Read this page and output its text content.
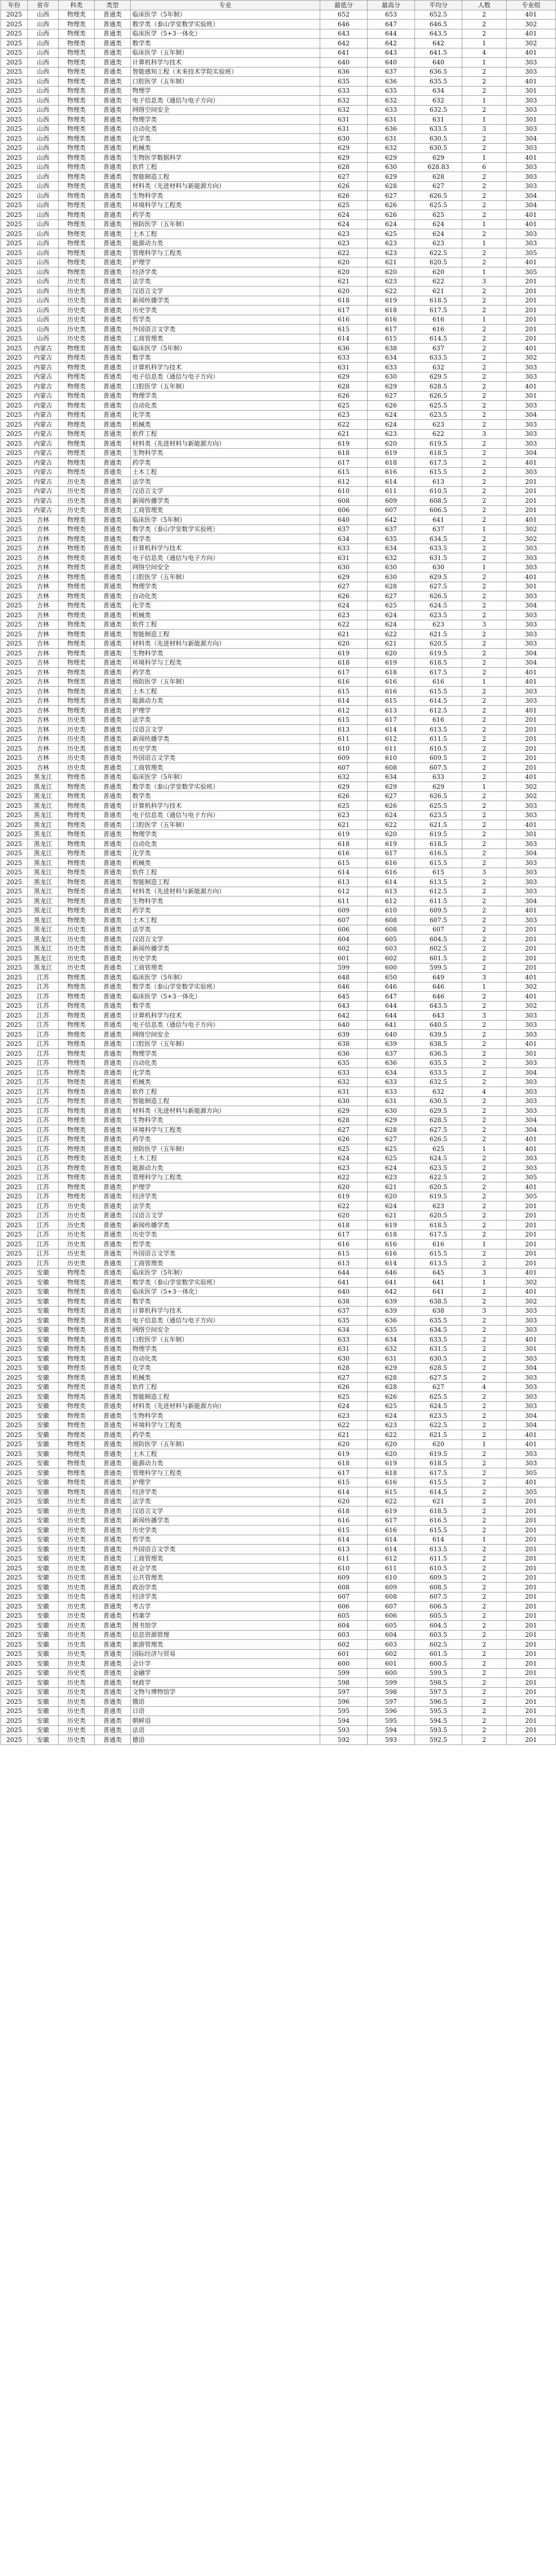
年份	省市	科类	类型	专业	最低分	最高分	平均分	人数	专业组
2025	山西	物理类	普通类	临床医学（5年制）	652	653	652.5	2	401
2025	山西	物理类	普通类	数学类（泰山学堂数学实验班）	646	647	646.5	2	302
2025	山西	物理类	普通类	临床医学（5+3一体化）	643	644	643.5	2	401
2025	山西	物理类	普通类	数学类	642	642	642	1	302
2025	山西	物理类	普通类	临床医学（五年制）	641	643	641.5	4	401
2025	山西	物理类	普通类	计算机科学与技术	640	640	640	1	303
2025	山西	物理类	普通类	智能感知工程（未来技术学院实验班）	636	637	636.5	2	303
2025	山西	物理类	普通类	口腔医学（五年制）	635	636	635.5	2	401
2025	山西	物理类	普通类	物理学	633	635	634	2	301
2025	山西	物理类	普通类	电子信息类（通信与电子方向）	632	632	632	1	303
2025	山西	物理类	普通类	网络空间安全	632	633	632.5	2	303
2025	山西	物理类	普通类	物理学类	631	631	631	1	301
2025	山西	物理类	普通类	自动化类	631	636	633.5	3	303
2025	山西	物理类	普通类	化学类	630	631	630.5	2	304
2025	山西	物理类	普通类	机械类	629	632	630.5	2	303
2025	山西	物理类	普通类	生物医学数据科学	629	629	629	1	401
2025	山西	物理类	普通类	软件工程	628	630	628.83	6	303
2025	山西	物理类	普通类	智能制造工程	627	629	628	2	303
2025	山西	物理类	普通类	材料类（先进材料与新能源方向）	626	628	627	2	303
2025	山西	物理类	普通类	生物科学类	626	627	626.5	2	304
2025	山西	物理类	普通类	环境科学与工程类	625	626	625.5	2	304
2025	山西	物理类	普通类	药学类	624	626	625	2	401
2025	山西	物理类	普通类	预防医学（五年制）	624	624	624	1	401
2025	山西	物理类	普通类	土木工程	623	625	624	2	303
2025	山西	物理类	普通类	能源动力类	623	623	623	1	303
2025	山西	物理类	普通类	管理科学与工程类	622	623	622.5	2	305
2025	山西	物理类	普通类	护理学	620	621	620.5	2	401
2025	山西	物理类	普通类	经济学类	620	620	620	1	305
2025	山西	历史类	普通类	法学类	621	623	622	3	201
2025	山西	历史类	普通类	汉语言文学	620	622	621	2	201
2025	山西	历史类	普通类	新闻传播学类	618	619	618.5	2	201
2025	山西	历史类	普通类	历史学类	617	618	617.5	2	201
2025	山西	历史类	普通类	哲学类	616	616	616	1	201
2025	山西	历史类	普通类	外国语言文学类	615	617	616	2	201
2025	山西	历史类	普通类	工商管理类	614	615	614.5	2	201
2025	内蒙古	物理类	普通类	临床医学（5年制）	636	638	637	2	401
2025	内蒙古	物理类	普通类	数学类	633	634	633.5	2	302
2025	内蒙古	物理类	普通类	计算机科学与技术	631	633	632	2	303
2025	内蒙古	物理类	普通类	电子信息类（通信与电子方向）	629	630	629.5	2	303
2025	内蒙古	物理类	普通类	口腔医学（五年制）	628	629	628.5	2	401
2025	内蒙古	物理类	普通类	物理学类	626	627	626.5	2	301
2025	内蒙古	物理类	普通类	自动化类	625	626	625.5	2	303
2025	内蒙古	物理类	普通类	化学类	623	624	623.5	2	304
2025	内蒙古	物理类	普通类	机械类	622	624	623	2	303
2025	内蒙古	物理类	普通类	软件工程	621	623	622	3	303
2025	内蒙古	物理类	普通类	材料类（先进材料与新能源方向）	619	620	619.5	2	303
2025	内蒙古	物理类	普通类	生物科学类	618	619	618.5	2	304
2025	内蒙古	物理类	普通类	药学类	617	618	617.5	2	401
2025	内蒙古	物理类	普通类	土木工程	615	616	615.5	2	303
2025	内蒙古	历史类	普通类	法学类	612	614	613	2	201
2025	内蒙古	历史类	普通类	汉语言文学	610	611	610.5	2	201
2025	内蒙古	历史类	普通类	新闻传播学类	608	609	608.5	2	201
2025	内蒙古	历史类	普通类	工商管理类	606	607	606.5	2	201
2025	吉林	物理类	普通类	临床医学（5年制）	640	642	641	2	401
2025	吉林	物理类	普通类	数学类（泰山学堂数学实验班）	637	637	637	1	302
2025	吉林	物理类	普通类	数学类	634	635	634.5	2	302
2025	吉林	物理类	普通类	计算机科学与技术	633	634	633.5	2	303
2025	吉林	物理类	普通类	电子信息类（通信与电子方向）	631	632	631.5	2	303
2025	吉林	物理类	普通类	网络空间安全	630	630	630	1	303
2025	吉林	物理类	普通类	口腔医学（五年制）	629	630	629.5	2	401
2025	吉林	物理类	普通类	物理学类	627	628	627.5	2	301
2025	吉林	物理类	普通类	自动化类	626	627	626.5	2	303
2025	吉林	物理类	普通类	化学类	624	625	624.5	2	304
2025	吉林	物理类	普通类	机械类	623	624	623.5	2	303
2025	吉林	物理类	普通类	软件工程	622	624	623	3	303
2025	吉林	物理类	普通类	智能制造工程	621	622	621.5	2	303
2025	吉林	物理类	普通类	材料类（先进材料与新能源方向）	620	621	620.5	2	303
2025	吉林	物理类	普通类	生物科学类	619	620	619.5	2	304
2025	吉林	物理类	普通类	环境科学与工程类	618	619	618.5	2	304
2025	吉林	物理类	普通类	药学类	617	618	617.5	2	401
2025	吉林	物理类	普通类	预防医学（五年制）	616	616	616	1	401
2025	吉林	物理类	普通类	土木工程	615	616	615.5	2	303
2025	吉林	物理类	普通类	能源动力类	614	615	614.5	2	303
2025	吉林	物理类	普通类	护理学	612	613	612.5	2	401
2025	吉林	历史类	普通类	法学类	615	617	616	2	201
2025	吉林	历史类	普通类	汉语言文学	613	614	613.5	2	201
2025	吉林	历史类	普通类	新闻传播学类	611	612	611.5	2	201
2025	吉林	历史类	普通类	历史学类	610	611	610.5	2	201
2025	吉林	历史类	普通类	外国语言文学类	609	610	609.5	2	201
2025	吉林	历史类	普通类	工商管理类	607	608	607.5	2	201
2025	黑龙江	物理类	普通类	临床医学（5年制）	632	634	633	2	401
2025	黑龙江	物理类	普通类	数学类（泰山学堂数学实验班）	629	629	629	1	302
2025	黑龙江	物理类	普通类	数学类	626	627	626.5	2	302
2025	黑龙江	物理类	普通类	计算机科学与技术	625	626	625.5	2	303
2025	黑龙江	物理类	普通类	电子信息类（通信与电子方向）	623	624	623.5	2	303
2025	黑龙江	物理类	普通类	口腔医学（五年制）	621	622	621.5	2	401
2025	黑龙江	物理类	普通类	物理学类	619	620	619.5	2	301
2025	黑龙江	物理类	普通类	自动化类	618	619	618.5	2	303
2025	黑龙江	物理类	普通类	化学类	616	617	616.5	2	304
2025	黑龙江	物理类	普通类	机械类	615	616	615.5	2	303
2025	黑龙江	物理类	普通类	软件工程	614	616	615	3	303
2025	黑龙江	物理类	普通类	智能制造工程	613	614	613.5	2	303
2025	黑龙江	物理类	普通类	材料类（先进材料与新能源方向）	612	613	612.5	2	303
2025	黑龙江	物理类	普通类	生物科学类	611	612	611.5	2	304
2025	黑龙江	物理类	普通类	药学类	609	610	609.5	2	401
2025	黑龙江	物理类	普通类	土木工程	607	608	607.5	2	303
2025	黑龙江	历史类	普通类	法学类	606	608	607	2	201
2025	黑龙江	历史类	普通类	汉语言文学	604	605	604.5	2	201
2025	黑龙江	历史类	普通类	新闻传播学类	602	603	602.5	2	201
2025	黑龙江	历史类	普通类	历史学类	601	602	601.5	2	201
2025	黑龙江	历史类	普通类	工商管理类	599	600	599.5	2	201
2025	江苏	物理类	普通类	临床医学（5年制）	648	650	649	3	401
2025	江苏	物理类	普通类	数学类（泰山学堂数学实验班）	646	646	646	1	302
2025	江苏	物理类	普通类	临床医学（5+3一体化）	645	647	646	2	401
2025	江苏	物理类	普通类	数学类	643	644	643.5	2	302
2025	江苏	物理类	普通类	计算机科学与技术	642	644	643	3	303
2025	江苏	物理类	普通类	电子信息类（通信与电子方向）	640	641	640.5	2	303
2025	江苏	物理类	普通类	网络空间安全	639	640	639.5	2	303
2025	江苏	物理类	普通类	口腔医学（五年制）	638	639	638.5	2	401
2025	江苏	物理类	普通类	物理学类	636	637	636.5	2	301
2025	江苏	物理类	普通类	自动化类	635	636	635.5	2	303
2025	江苏	物理类	普通类	化学类	633	634	633.5	2	304
2025	江苏	物理类	普通类	机械类	632	633	632.5	2	303
2025	江苏	物理类	普通类	软件工程	631	633	632	4	303
2025	江苏	物理类	普通类	智能制造工程	630	631	630.5	2	303
2025	江苏	物理类	普通类	材料类（先进材料与新能源方向）	629	630	629.5	2	303
2025	江苏	物理类	普通类	生物科学类	628	629	628.5	2	304
2025	江苏	物理类	普通类	环境科学与工程类	627	628	627.5	2	304
2025	江苏	物理类	普通类	药学类	626	627	626.5	2	401
2025	江苏	物理类	普通类	预防医学（五年制）	625	625	625	1	401
2025	江苏	物理类	普通类	土木工程	624	625	624.5	2	303
2025	江苏	物理类	普通类	能源动力类	623	624	623.5	2	303
2025	江苏	物理类	普通类	管理科学与工程类	622	623	622.5	2	305
2025	江苏	物理类	普通类	护理学	620	621	620.5	2	401
2025	江苏	物理类	普通类	经济学类	619	620	619.5	2	305
2025	江苏	历史类	普通类	法学类	622	624	623	2	201
2025	江苏	历史类	普通类	汉语言文学	620	621	620.5	2	201
2025	江苏	历史类	普通类	新闻传播学类	618	619	618.5	2	201
2025	江苏	历史类	普通类	历史学类	617	618	617.5	2	201
2025	江苏	历史类	普通类	哲学类	616	616	616	1	201
2025	江苏	历史类	普通类	外国语言文学类	615	616	615.5	2	201
2025	江苏	历史类	普通类	工商管理类	613	614	613.5	2	201
2025	安徽	物理类	普通类	临床医学（5年制）	644	646	645	3	401
2025	安徽	物理类	普通类	数学类（泰山学堂数学实验班）	641	641	641	1	302
2025	安徽	物理类	普通类	临床医学（5+3一体化）	640	642	641	2	401
2025	安徽	物理类	普通类	数学类	638	639	638.5	2	302
2025	安徽	物理类	普通类	计算机科学与技术	637	639	638	3	303
2025	安徽	物理类	普通类	电子信息类（通信与电子方向）	635	636	635.5	2	303
2025	安徽	物理类	普通类	网络空间安全	634	635	634.5	2	303
2025	安徽	物理类	普通类	口腔医学（五年制）	633	634	633.5	2	401
2025	安徽	物理类	普通类	物理学类	631	632	631.5	2	301
2025	安徽	物理类	普通类	自动化类	630	631	630.5	2	303
2025	安徽	物理类	普通类	化学类	628	629	628.5	2	304
2025	安徽	物理类	普通类	机械类	627	628	627.5	2	303
2025	安徽	物理类	普通类	软件工程	626	628	627	4	303
2025	安徽	物理类	普通类	智能制造工程	625	626	625.5	2	303
2025	安徽	物理类	普通类	材料类（先进材料与新能源方向）	624	625	624.5	2	303
2025	安徽	物理类	普通类	生物科学类	623	624	623.5	2	304
2025	安徽	物理类	普通类	环境科学与工程类	622	623	622.5	2	304
2025	安徽	物理类	普通类	药学类	621	622	621.5	2	401
2025	安徽	物理类	普通类	预防医学（五年制）	620	620	620	1	401
2025	安徽	物理类	普通类	土木工程	619	620	619.5	2	303
2025	安徽	物理类	普通类	能源动力类	618	619	618.5	2	303
2025	安徽	物理类	普通类	管理科学与工程类	617	618	617.5	2	305
2025	安徽	物理类	普通类	护理学	615	616	615.5	2	401
2025	安徽	物理类	普通类	经济学类	614	615	614.5	2	305
2025	安徽	历史类	普通类	法学类	620	622	621	2	201
2025	安徽	历史类	普通类	汉语言文学	618	619	618.5	2	201
2025	安徽	历史类	普通类	新闻传播学类	616	617	616.5	2	201
2025	安徽	历史类	普通类	历史学类	615	616	615.5	2	201
2025	安徽	历史类	普通类	哲学类	614	614	614	1	201
2025	安徽	历史类	普通类	外国语言文学类	613	614	613.5	2	201
2025	安徽	历史类	普通类	工商管理类	611	612	611.5	2	201
2025	安徽	历史类	普通类	社会学类	610	611	610.5	2	201
2025	安徽	历史类	普通类	公共管理类	609	610	609.5	2	201
2025	安徽	历史类	普通类	政治学类	608	609	608.5	2	201
2025	安徽	历史类	普通类	经济学类	607	608	607.5	2	201
2025	安徽	历史类	普通类	考古学	606	607	606.5	2	201
2025	安徽	历史类	普通类	档案学	605	606	605.5	2	201
2025	安徽	历史类	普通类	图书馆学	604	605	604.5	2	201
2025	安徽	历史类	普通类	信息资源管理	603	604	603.5	2	201
2025	安徽	历史类	普通类	旅游管理类	602	603	602.5	2	201
2025	安徽	历史类	普通类	国际经济与贸易	601	602	601.5	2	201
2025	安徽	历史类	普通类	会计学	600	601	600.5	2	201
2025	安徽	历史类	普通类	金融学	599	600	599.5	2	201
2025	安徽	历史类	普通类	财政学	598	599	598.5	2	201
2025	安徽	历史类	普通类	文物与博物馆学	597	598	597.5	2	201
2025	安徽	历史类	普通类	俄语	596	597	596.5	2	201
2025	安徽	历史类	普通类	日语	595	596	595.5	2	201
2025	安徽	历史类	普通类	朝鲜语	594	595	594.5	2	201
2025	安徽	历史类	普通类	法语	593	594	593.5	2	201
2025	安徽	历史类	普通类	德语	592	593	592.5	2	201
